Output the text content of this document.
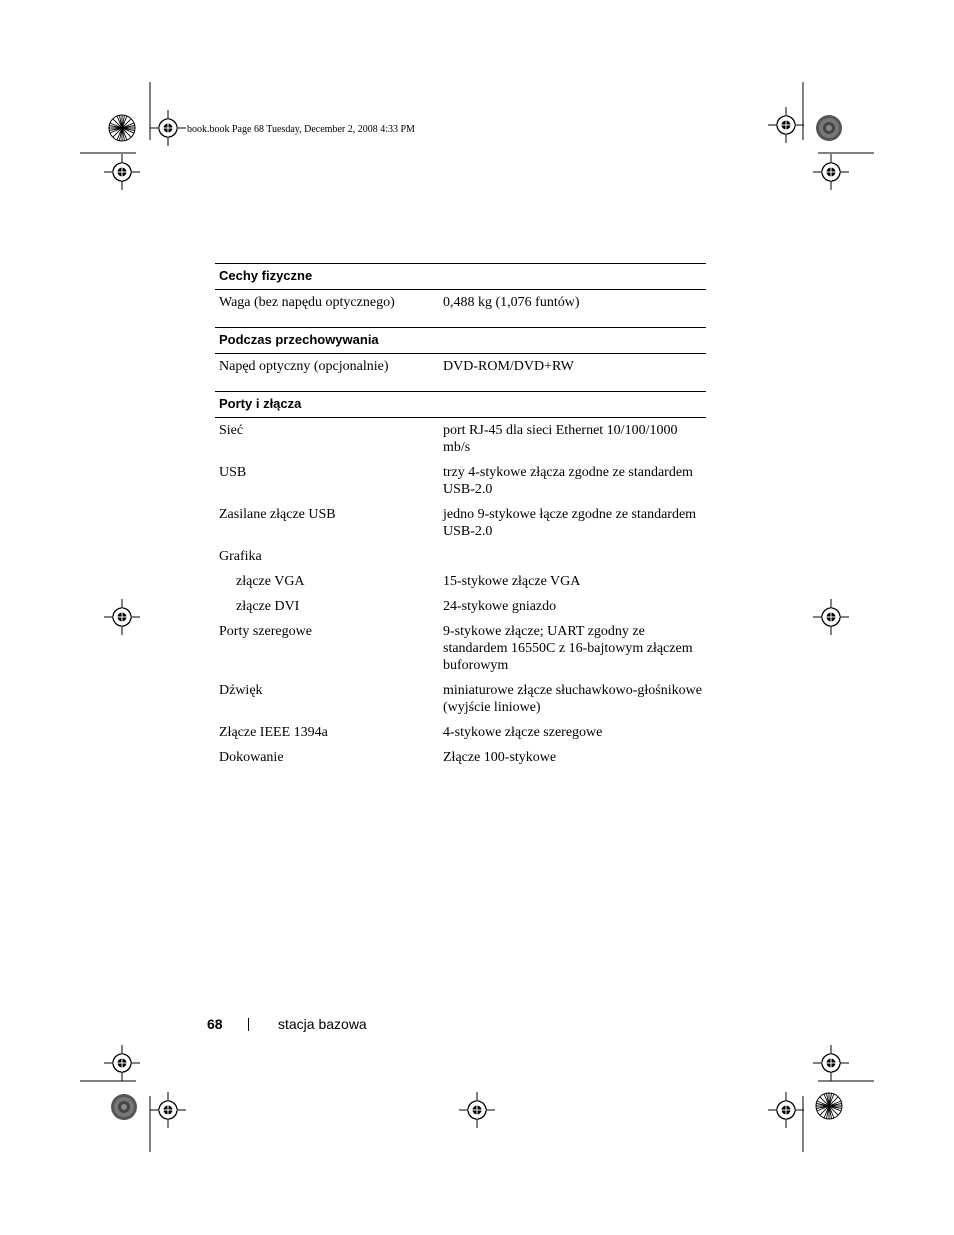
book.book Page 68 Tuesday, December 2, 2008 4:33 PM
Cechy fizyczne
Waga (bez napędu optycznego)	0,488 kg (1,076 funtów)
Podczas przechowywania
Napęd optyczny (opcjonalnie)	DVD-ROM/DVD+RW
Porty i złącza
Sieć	port RJ-45 dla sieci Ethernet 10/100/1000 mb/s
USB	trzy 4-stykowe złącza zgodne ze standardem USB-2.0
Zasilane złącze USB	jedno 9-stykowe łącze zgodne ze standardem USB-2.0
Grafika
złącze VGA	15-stykowe złącze VGA
złącze DVI	24-stykowe gniazdo
Porty szeregowe	9-stykowe złącze; UART zgodny ze standardem 16550C z 16-bajtowym złączem buforowym
Dźwięk	miniaturowe złącze słuchawkowo-głośnikowe (wyjście liniowe)
Złącze IEEE 1394a	4-stykowe złącze szeregowe
Dokowanie	Złącze 100-stykowe
68	stacja bazowa
